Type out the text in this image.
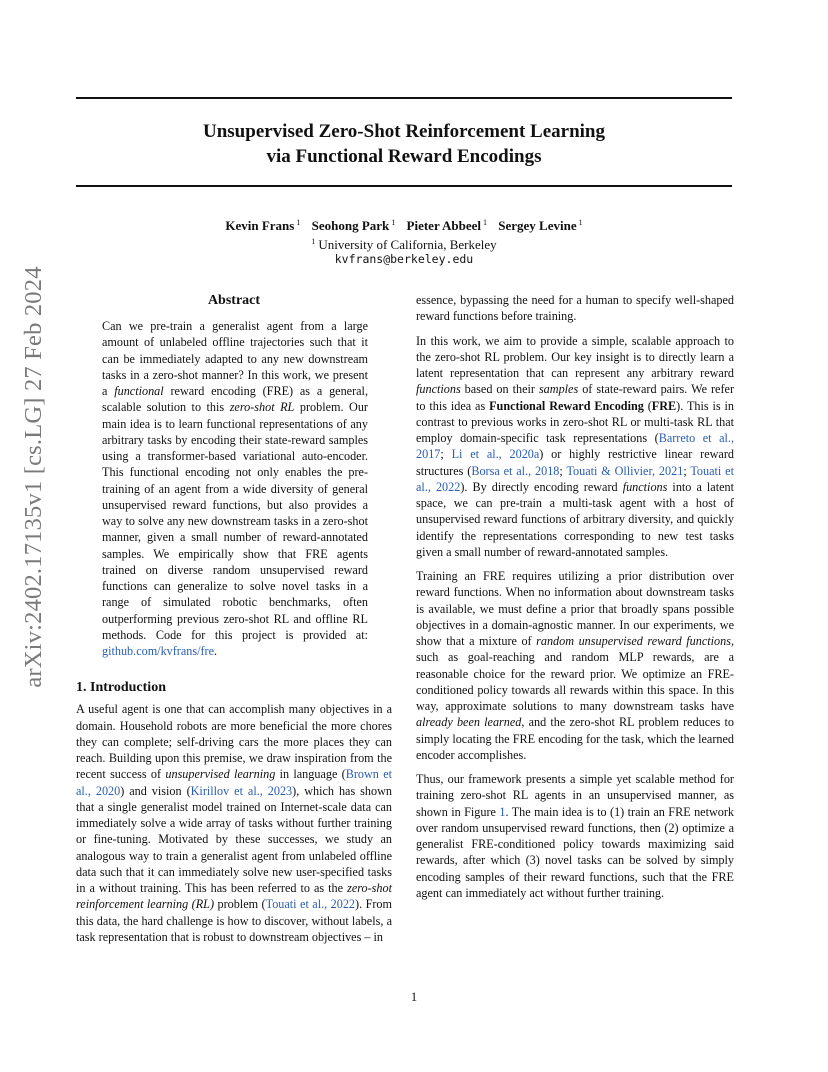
Unsupervised Zero-Shot Reinforcement Learning
via Functional Reward Encodings
Kevin Frans $^1$ Seohong Park $^1$ Pieter Abbeel $^1$ Sergey Levine $^1$
$^1$ University of California, Berkeley
kvfrans@berkeley.edu
arXiv:2402.17135v1 [cs.LG] 27 Feb 2024	Abstract

Can we pre-train a generalist agent from a large amount of unlabeled offline trajectories such that it can be immediately adapted to any new downstream tasks in a zero-shot manner? In this work, we present a functional reward encoding (FRE) as a general, scalable solution to this zero-shot RL problem. Our main idea is to learn functional representations of any arbitrary tasks by encoding their state-reward samples using a transformer-based variational auto-encoder. This functional encoding not only enables the pre-training of an agent from a wide diversity of general unsupervised reward functions, but also provides a way to solve any new downstream tasks in a zero-shot manner, given a small number of reward-annotated samples. We empirically show that FRE agents trained on diverse random unsupervised reward functions can generalize to solve novel tasks in a range of simulated robotic benchmarks, often outperforming previous zero-shot RL and offline RL methods. Code for this project is provided at: github.com/kvfrans/fre.

1. Introduction

A useful agent is one that can accomplish many objectives in a domain. Household robots are more beneficial the more chores they can complete; self-driving cars the more places they can reach. Building upon this premise, we draw inspiration from the recent success of unsupervised learning in language (Brown et al., 2020) and vision (Kirillov et al., 2023), which has shown that a single generalist model trained on Internet-scale data can immediately solve a wide array of tasks without further training or fine-tuning. Motivated by these successes, we study an analogous way to train a generalist agent from unlabeled offline data such that it can immediately solve new user-specified tasks in a without training. This has been referred to as the zero-shot reinforcement learning (RL) problem (Touati et al., 2022). From this data, the hard challenge is how to discover, without labels, a task representation that is robust to downstream objectives – in

essence, bypassing the need for a human to specify well-shaped reward functions before training.

In this work, we aim to provide a simple, scalable approach to the zero-shot RL problem. Our key insight is to directly learn a latent representation that can represent any arbitrary reward functions based on their samples of state-reward pairs. We refer to this idea as Functional Reward Encoding (FRE). This is in contrast to previous works in zero-shot RL or multi-task RL that employ domain-specific task representations (Barreto et al., 2017; Li et al., 2020a) or highly restrictive linear reward structures (Borsa et al., 2018; Touati & Ollivier, 2021; Touati et al., 2022). By directly encoding reward functions into a latent space, we can pre-train a multi-task agent with a host of unsupervised reward functions of arbitrary diversity, and quickly identify the representations corresponding to new test tasks given a small number of reward-annotated samples.

Training an FRE requires utilizing a prior distribution over reward functions. When no information about downstream tasks is available, we must define a prior that broadly spans possible objectives in a domain-agnostic manner. In our experiments, we show that a mixture of random unsupervised reward functions, such as goal-reaching and random MLP rewards, are a reasonable choice for the reward prior. We optimize an FRE-conditioned policy towards all rewards within this space. In this way, approximate solutions to many downstream tasks have already been learned, and the zero-shot RL problem reduces to simply locating the FRE encoding for the task, which the learned encoder accomplishes.

Thus, our framework presents a simple yet scalable method for training zero-shot RL agents in an unsupervised manner, as shown in Figure 1. The main idea is to (1) train an FRE network over random unsupervised reward functions, then (2) optimize a generalist FRE-conditioned policy towards maximizing said rewards, after which (3) novel tasks can be solved by simply encoding samples of their reward functions, such that the FRE agent can immediately act without further training.

1
